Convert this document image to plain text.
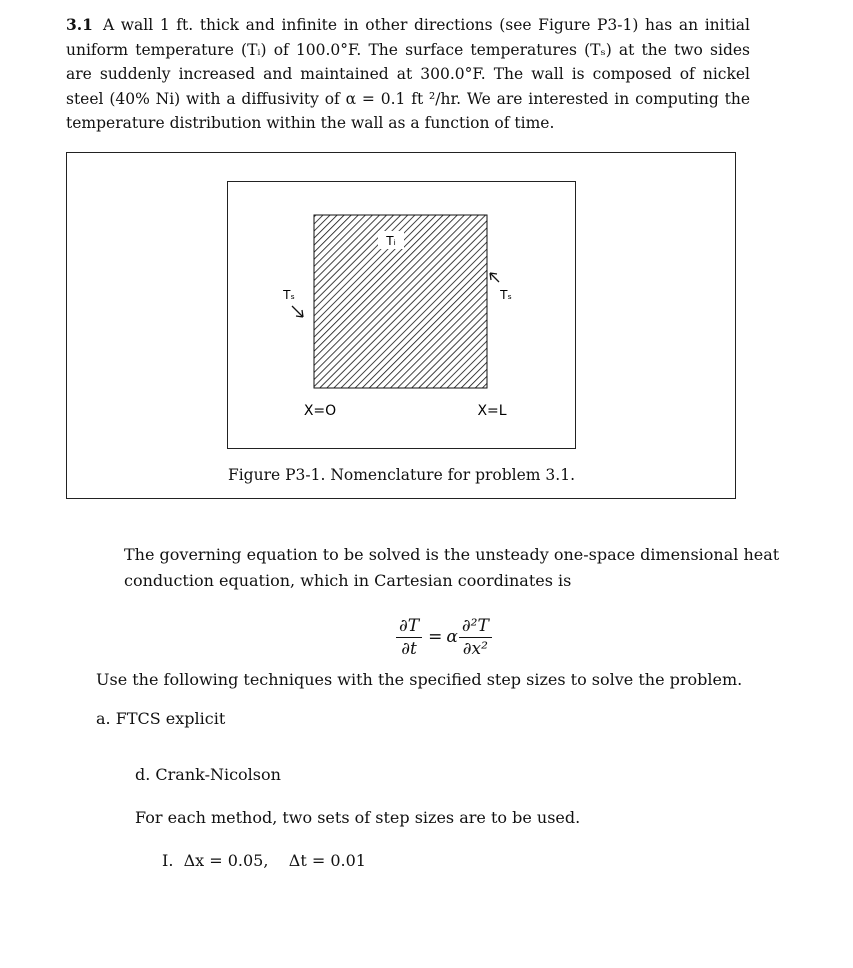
3.1 A wall 1 ft. thick and infinite in other directions (see Figure P3-1) has an initial uniform temperature (Tᵢ) of 100.0°F. The surface temperatures (Tₛ) at the two sides are suddenly increased and maintained at 300.0°F. The wall is composed of nickel steel (40% Ni) with a diffusivity of α = 0.1 ft ²/hr. We are interested in computing the temperature distribution within the wall as a function of time.
Tᵢ
Tₛ	Tₛ
X=O	X=L
Figure P3-1. Nomenclature for problem 3.1.
The governing equation to be solved is the unsteady one-space dimensional heat conduction equation, which in Cartesian coordinates is
$\frac{\partial T}{\partial t} = \alpha \frac{\text{∂²T}}{\text{∂x²}}$
Use the following techniques with the specified step sizes to solve the problem.
a. FTCS explicit
d. Crank-Nicolson
For each method, two sets of step sizes are to be used.
I.  Δx = 0.05,    Δt = 0.01
